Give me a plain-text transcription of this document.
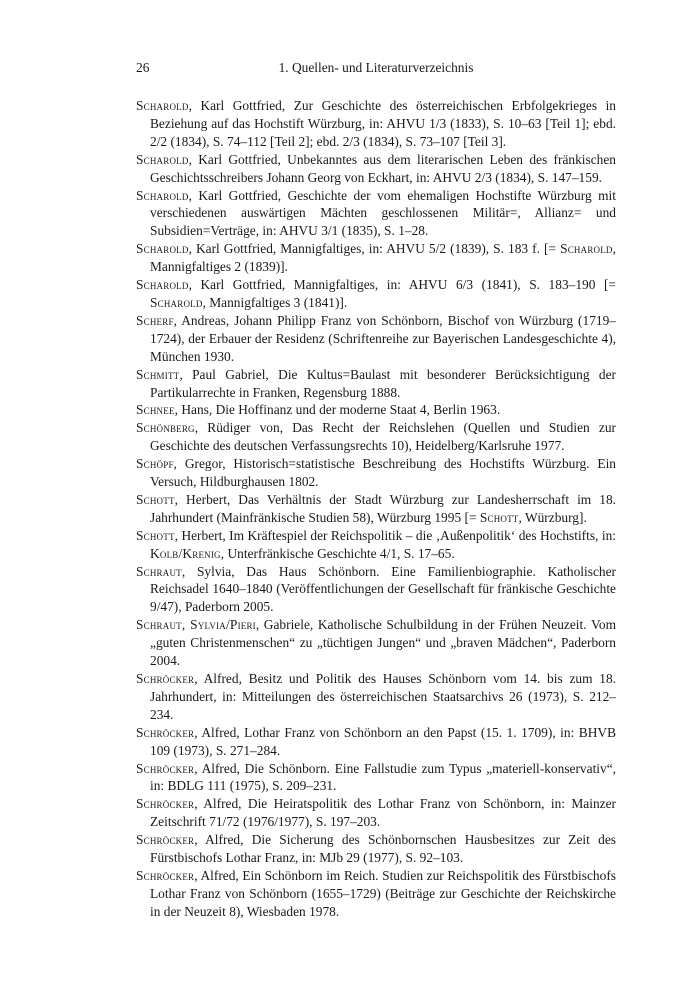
26	1. Quellen- und Literaturverzeichnis

Scharold, Karl Gottfried, Zur Geschichte des österreichischen Erbfolgekrieges in Beziehung auf das Hochstift Würzburg, in: AHVU 1/3 (1833), S. 10–63 [Teil 1]; ebd. 2/2 (1834), S. 74–112 [Teil 2]; ebd. 2/3 (1834), S. 73–107 [Teil 3].

Scharold, Karl Gottfried, Unbekanntes aus dem literarischen Leben des fränkischen Geschichtsschreibers Johann Georg von Eckhart, in: AHVU 2/3 (1834), S. 147–159.

Scharold, Karl Gottfried, Geschichte der vom ehemaligen Hochstifte Würzburg mit verschiedenen auswärtigen Mächten geschlossenen Militär=, Allianz= und Subsidien=Verträge, in: AHVU 3/1 (1835), S. 1–28.

Scharold, Karl Gottfried, Mannigfaltiges, in: AHVU 5/2 (1839), S. 183 f. [= Scharold, Mannigfaltiges 2 (1839)].

Scharold, Karl Gottfried, Mannigfaltiges, in: AHVU 6/3 (1841), S. 183–190 [= Scharold, Mannigfaltiges 3 (1841)].

Scherf, Andreas, Johann Philipp Franz von Schönborn, Bischof von Würzburg (1719–1724), der Erbauer der Residenz (Schriftenreihe zur Bayerischen Landesgeschichte 4), München 1930.

Schmitt, Paul Gabriel, Die Kultus=Baulast mit besonderer Berücksichtigung der Partikularrechte in Franken, Regensburg 1888.

Schnee, Hans, Die Hoffinanz und der moderne Staat 4, Berlin 1963.

Schönberg, Rüdiger von, Das Recht der Reichslehen (Quellen und Studien zur Geschichte des deutschen Verfassungsrechts 10), Heidelberg/Karlsruhe 1977.

Schöpf, Gregor, Historisch=statistische Beschreibung des Hochstifts Würzburg. Ein Versuch, Hildburghausen 1802.

Schott, Herbert, Das Verhältnis der Stadt Würzburg zur Landesherrschaft im 18. Jahrhundert (Mainfränkische Studien 58), Würzburg 1995 [= Schott, Würzburg].

Schott, Herbert, Im Kräftespiel der Reichspolitik – die ‚Außenpolitik‘ des Hochstifts, in: Kolb/Krenig, Unterfränkische Geschichte 4/1, S. 17–65.

Schraut, Sylvia, Das Haus Schönborn. Eine Familienbiographie. Katholischer Reichsadel 1640–1840 (Veröffentlichungen der Gesellschaft für fränkische Geschichte 9/47), Paderborn 2005.

Schraut, Sylvia/Pieri, Gabriele, Katholische Schulbildung in der Frühen Neuzeit. Vom „guten Christenmenschen“ zu „tüchtigen Jungen“ und „braven Mädchen“, Paderborn 2004.

Schröcker, Alfred, Besitz und Politik des Hauses Schönborn vom 14. bis zum 18. Jahrhundert, in: Mitteilungen des österreichischen Staatsarchivs 26 (1973), S. 212–234.

Schröcker, Alfred, Lothar Franz von Schönborn an den Papst (15. 1. 1709), in: BHVB 109 (1973), S. 271–284.

Schröcker, Alfred, Die Schönborn. Eine Fallstudie zum Typus „materiell-konservativ“, in: BDLG 111 (1975), S. 209–231.

Schröcker, Alfred, Die Heiratspolitik des Lothar Franz von Schönborn, in: Mainzer Zeitschrift 71/72 (1976/1977), S. 197–203.

Schröcker, Alfred, Die Sicherung des Schönbornschen Hausbesitzes zur Zeit des Fürstbischofs Lothar Franz, in: MJb 29 (1977), S. 92–103.

Schröcker, Alfred, Ein Schönborn im Reich. Studien zur Reichspolitik des Fürstbischofs Lothar Franz von Schönborn (1655–1729) (Beiträge zur Geschichte der Reichskirche in der Neuzeit 8), Wiesbaden 1978.
